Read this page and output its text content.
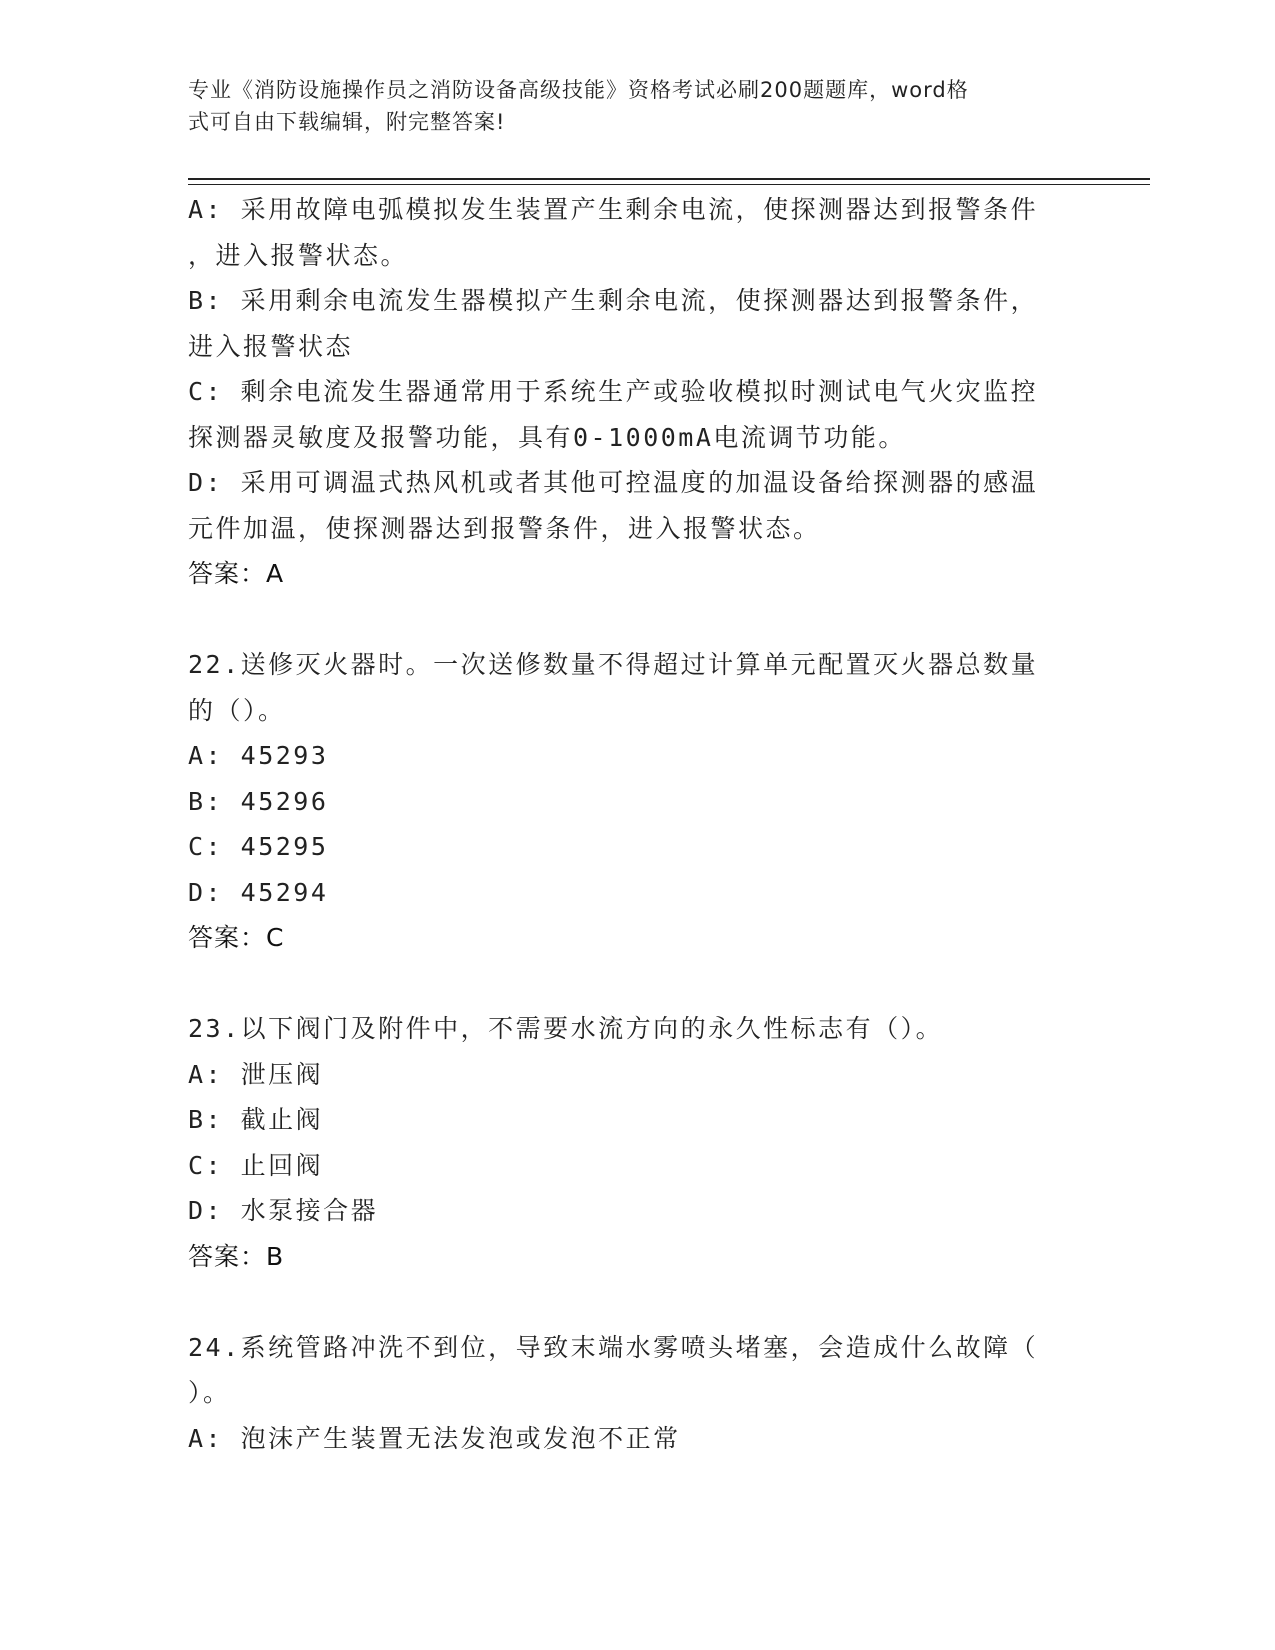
专业《消防设施操作员之消防设备高级技能》资格考试必刷200题题库，word格
式可自由下载编辑，附完整答案!
A: 采用故障电弧模拟发生装置产生剩余电流，使探测器达到报警条件
，进入报警状态。
B: 采用剩余电流发生器模拟产生剩余电流，使探测器达到报警条件，
进入报警状态
C: 剩余电流发生器通常用于系统生产或验收模拟时测试电气火灾监控
探测器灵敏度及报警功能，具有0-1000mA电流调节功能。
D: 采用可调温式热风机或者其他可控温度的加温设备给探测器的感温
元件加温，使探测器达到报警条件，进入报警状态。
答案：A
22.送修灭火器时。一次送修数量不得超过计算单元配置灭火器总数量
的（）。
A: 45293
B: 45296
C: 45295
D: 45294
答案：C
23.以下阀门及附件中，不需要水流方向的永久性标志有（）。
A: 泄压阀
B: 截止阀
C: 止回阀
D: 水泵接合器
答案：B
24.系统管路冲洗不到位，导致末端水雾喷头堵塞，会造成什么故障（
）。
A: 泡沫产生装置无法发泡或发泡不正常
